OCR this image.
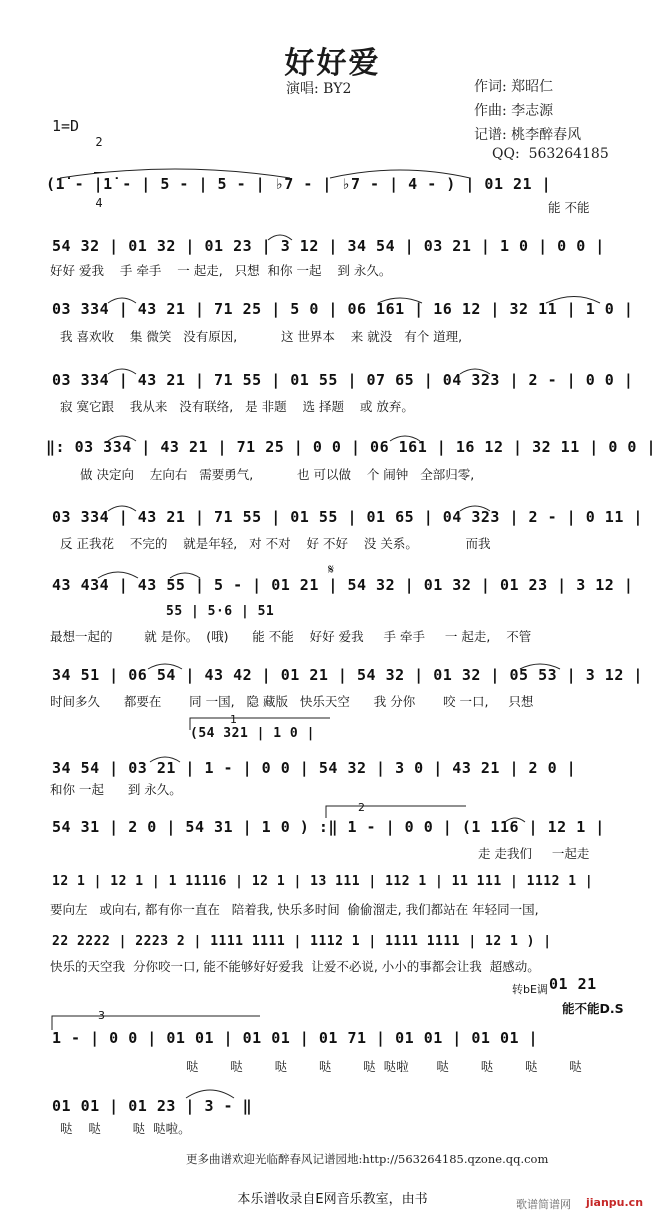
好好爱
演唱: BY2	作词: 郑昭仁
作曲: 李志源
记谱: 桃李醉春风
QQ:  563264185
1=D

2

4

(1̇ - |1̇ - | 5 - | 5 - | ♭7 - | ♭7 - | 4 - ) | 01 21 |
能 不能
54 32 | 01 32 | 01 23 | 3 12 | 34 54 | 03 21 | 1 0 | 0 0 |
好好 爱我    手 牵手    一 起走,   只想  和你 一起    到 永久。
03 334 | 43 21 | 71 25 | 5 0 | 06 161 | 16 12 | 32 11 | 1 0 |
我 喜欢收    集 微笑   没有原因,           这 世界本    来 就没   有个 道理,
03 334 | 43 21 | 71 55 | 01 55 | 07 65 | 04 323 | 2 - | 0 0 |
寂 寞它跟    我从来   没有联络,   是 非题    选 择题    或 放弃。
‖: 03 334 | 43 21 | 71 25 | 0 0 | 06 161 | 16 12 | 32 11 | 0 0 |
做 决定向    左向右   需要勇气,           也 可以做    个 闹钟   全部归零,
03 334 | 43 21 | 71 55 | 01 55 | 01 65 | 04 323 | 2 - | 0 11 |
反 正我花    不完的    就是年轻,   对 不对    好 不好    没 关系。            而我
43 434 | 43 55 | 5 - | 01 21 | 54 32 | 01 32 | 01 23 | 3 12 |
55 | 5·6 | 51
最想一起的        就 是你。  (哦)      能 不能    好好 爱我     手 牵手     一 起走,    不管
34 51 | 06 54 | 43 42 | 01 21 | 54 32 | 01 32 | 05 53 | 3 12 |
时间多久      都要在       同 一国,   隐 藏版   快乐天空      我 分你       咬 一口,     只想
(54 321 | 1 0 |
34 54 | 03 21 | 1 - | 0 0 | 54 32 | 3 0 | 43 21 | 2 0 |
和你 一起      到 永久。
54 31 | 2 0 | 54 31 | 1 0 ) :‖ 1 - | 0 0 | (1 116 | 12 1 |
走 走我们     一起走
12 1 | 12 1 | 1 11116 | 12 1 | 13 111 | 112 1 | 11 111 | 1112 1 |
要向左   或向右, 都有你一直在   陪着我, 快乐多时间  偷偷溜走, 我们都站在 年轻同一国,
22 2222 | 2223 2 | 1111 1111 | 1112 1 | 1111 1111 | 12 1 ) |
快乐的天空我  分你咬一口, 能不能够好好爱我  让爱不必说, 小小的事都会让我  超感动。
转bE调 01 21
能不能D.S
1 - | 0 0 | 01 01 | 01 01 | 01 71 | 01 01 | 01 01 |
哒        哒        哒        哒        哒  哒啦       哒        哒        哒        哒
01 01 | 01 23 | 3 - ‖
哒    哒        哒  哒啦。
1
2
3
𝄋
更多曲谱欢迎光临醉春风记谱园地:http://563264185.qzone.qq.com
本乐谱收录自E网音乐教室，由书	歌谱简谱网 jianpu.cn
